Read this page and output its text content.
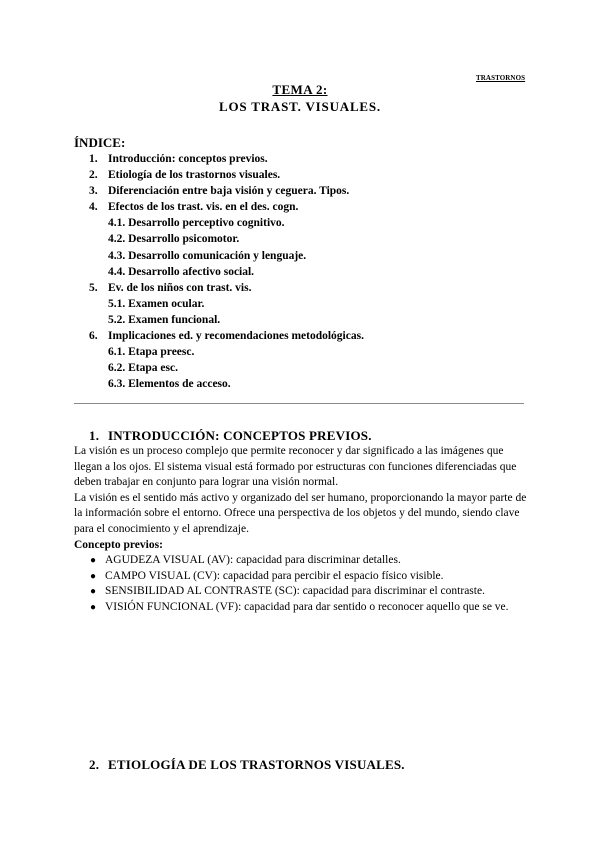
TRASTORNOS
TEMA 2:
LOS TRAST. VISUALES.
ÍNDICE:
1. Introducción: conceptos previos.
2. Etiología de los trastornos visuales.
3. Diferenciación entre baja visión y ceguera. Tipos.
4. Efectos de los trast. vis. en el des. cogn.
4.1. Desarrollo perceptivo cognitivo.
4.2. Desarrollo psicomotor.
4.3. Desarrollo comunicación y lenguaje.
4.4. Desarrollo afectivo social.
5. Ev. de los niños con trast. vis.
5.1. Examen ocular.
5.2. Examen funcional.
6. Implicaciones ed. y recomendaciones metodológicas.
6.1. Etapa preesc.
6.2. Etapa esc.
6.3. Elementos de acceso.
1. INTRODUCCIÓN: CONCEPTOS PREVIOS.

La visión es un proceso complejo que permite reconocer y dar significado a las imágenes que llegan a los ojos. El sistema visual está formado por estructuras con funciones diferenciadas que deben trabajar en conjunto para lograr una visión normal.

La visión es el sentido más activo y organizado del ser humano, proporcionando la mayor parte de la información sobre el entorno. Ofrece una perspectiva de los objetos y del mundo, siendo clave para el conocimiento y el aprendizaje.

Concepto previos:

● AGUDEZA VISUAL (AV): capacidad para discriminar detalles.
● CAMPO VISUAL (CV): capacidad para percibir el espacio físico visible.
● SENSIBILIDAD AL CONTRASTE (SC): capacidad para discriminar el contraste.
● VISIÓN FUNCIONAL (VF): capacidad para dar sentido o reconocer aquello que se ve.
2. ETIOLOGÍA DE LOS TRASTORNOS VISUALES.
